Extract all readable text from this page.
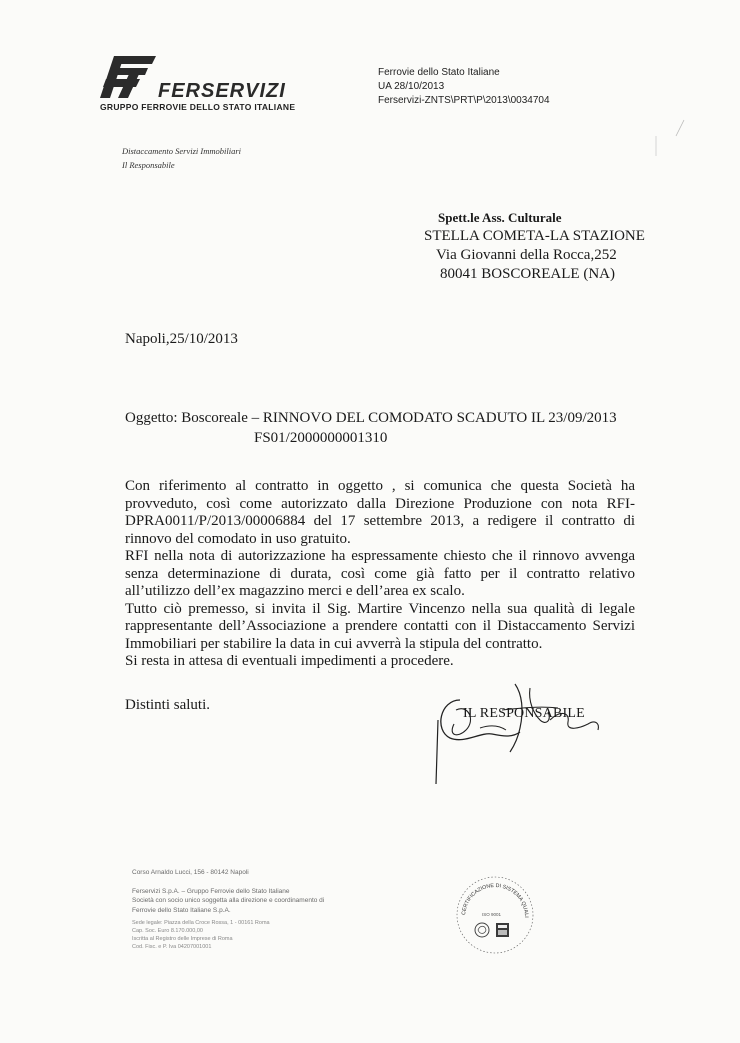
FERSERVIZI
GRUPPO FERROVIE DELLO STATO ITALIANE
Ferrovie dello Stato Italiane
UA 28/10/2013
Ferservizi-ZNTS\PRT\P\2013\0034704
Distaccamento Servizi Immobiliari
Il Responsabile
Spett.le Ass. Culturale
STELLA COMETA-LA STAZIONE
Via Giovanni della Rocca,252
80041 BOSCOREALE (NA)
Napoli,25/10/2013
Oggetto: Boscoreale – RINNOVO DEL COMODATO SCADUTO IL 23/09/2013
FS01/2000000001310

Con riferimento al contratto in oggetto , si comunica che questa Società ha provveduto, così come autorizzato dalla Direzione Produzione con nota RFI-DPRA0011/P/2013/00006884 del 17 settembre 2013, a redigere il contratto di rinnovo del comodato in uso gratuito.

RFI nella nota di autorizzazione ha espressamente chiesto che il rinnovo avvenga senza determinazione di durata, così come già fatto per il contratto relativo all’utilizzo dell’ex magazzino merci e dell’area ex scalo.

Tutto ciò premesso, si invita il Sig. Martire Vincenzo nella sua qualità di legale rappresentante dell’Associazione a prendere contatti con il Distaccamento Servizi Immobiliari per stabilire la data in cui avverrà la stipula del contratto.

Si resta in attesa di eventuali impedimenti a procedere.

Distinti saluti.
IL RESPONSABILE
Corso Arnaldo Lucci, 156 - 80142 Napoli
Ferservizi S.p.A. – Gruppo Ferrovie dello Stato Italiane
Società con socio unico soggetta alla direzione e coordinamento di
Ferrovie dello Stato Italiane S.p.A.
Sede legale: Piazza della Croce Rossa, 1 - 00161 Roma
Cap. Soc. Euro 8.170.000,00
Iscritta al Registro delle Imprese di Roma
Cod. Fisc. e P. Iva 04207001001
CERTIFICAZIONE DI SISTEMA QUALI
ISO 9001
